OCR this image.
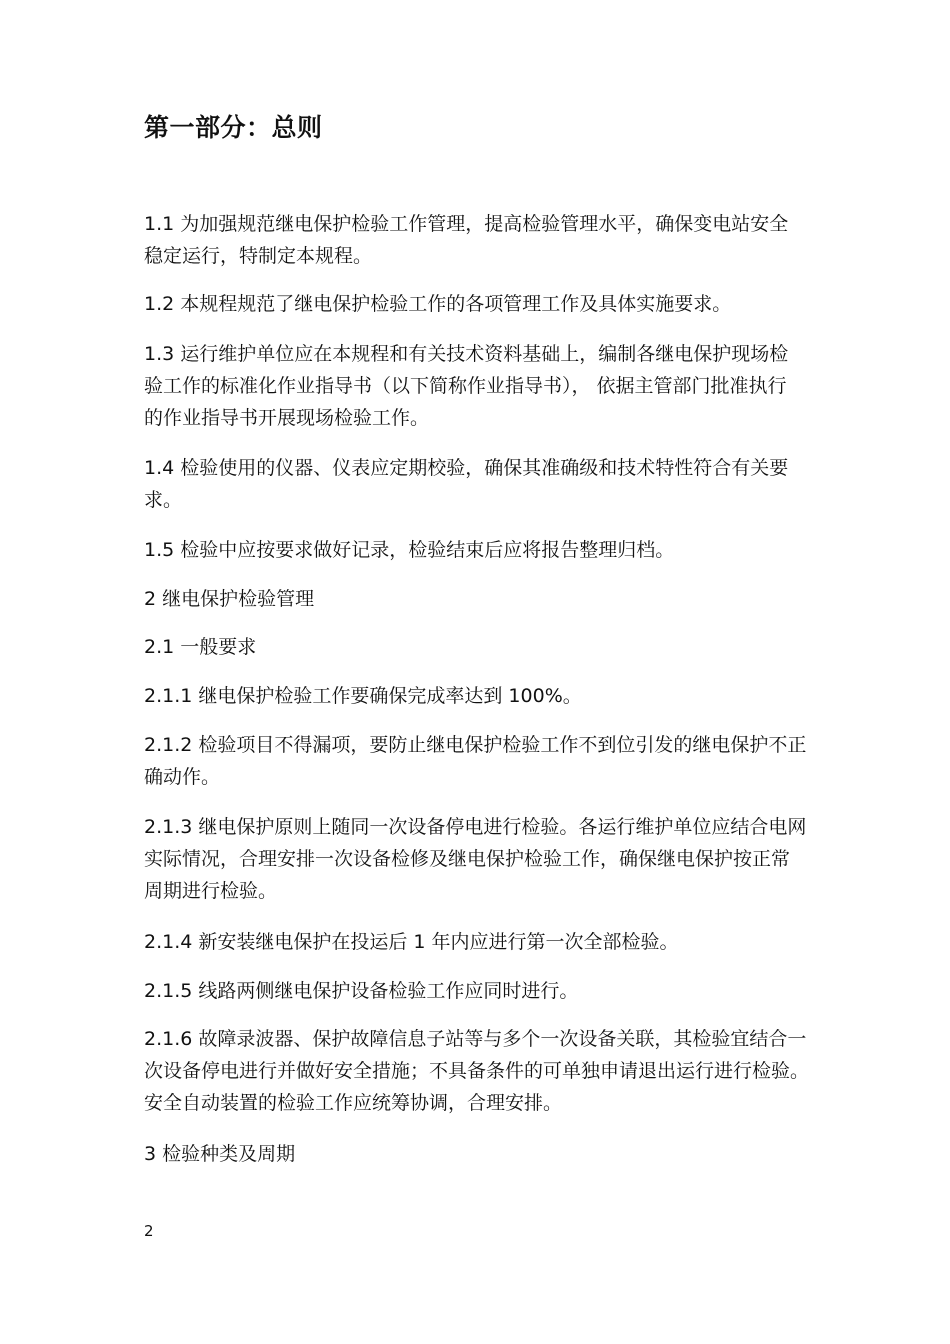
第一部分：总则

1.1 为加强规范继电保护检验工作管理，提高检验管理水平，确保变电站安全
稳定运行，特制定本规程。

1.2 本规程规范了继电保护检验工作的各项管理工作及具体实施要求。

1.3 运行维护单位应在本规程和有关技术资料基础上，编制各继电保护现场检
验工作的标准化作业指导书（以下简称作业指导书）， 依据主管部门批准执行
的作业指导书开展现场检验工作。

1.4 检验使用的仪器、仪表应定期校验，确保其准确级和技术特性符合有关要
求。

1.5 检验中应按要求做好记录，检验结束后应将报告整理归档。

2 继电保护检验管理

2.1 一般要求

2.1.1 继电保护检验工作要确保完成率达到 100%。

2.1.2 检验项目不得漏项，要防止继电保护检验工作不到位引发的继电保护不正
确动作。

2.1.3 继电保护原则上随同一次设备停电进行检验。各运行维护单位应结合电网
实际情况，合理安排一次设备检修及继电保护检验工作，确保继电保护按正常
周期进行检验。

2.1.4 新安装继电保护在投运后 1 年内应进行第一次全部检验。

2.1.5 线路两侧继电保护设备检验工作应同时进行。

2.1.6 故障录波器、保护故障信息子站等与多个一次设备关联，其检验宜结合一
次设备停电进行并做好安全措施；不具备条件的可单独申请退出运行进行检验。
安全自动装置的检验工作应统筹协调，合理安排。

3 检验种类及周期

2
